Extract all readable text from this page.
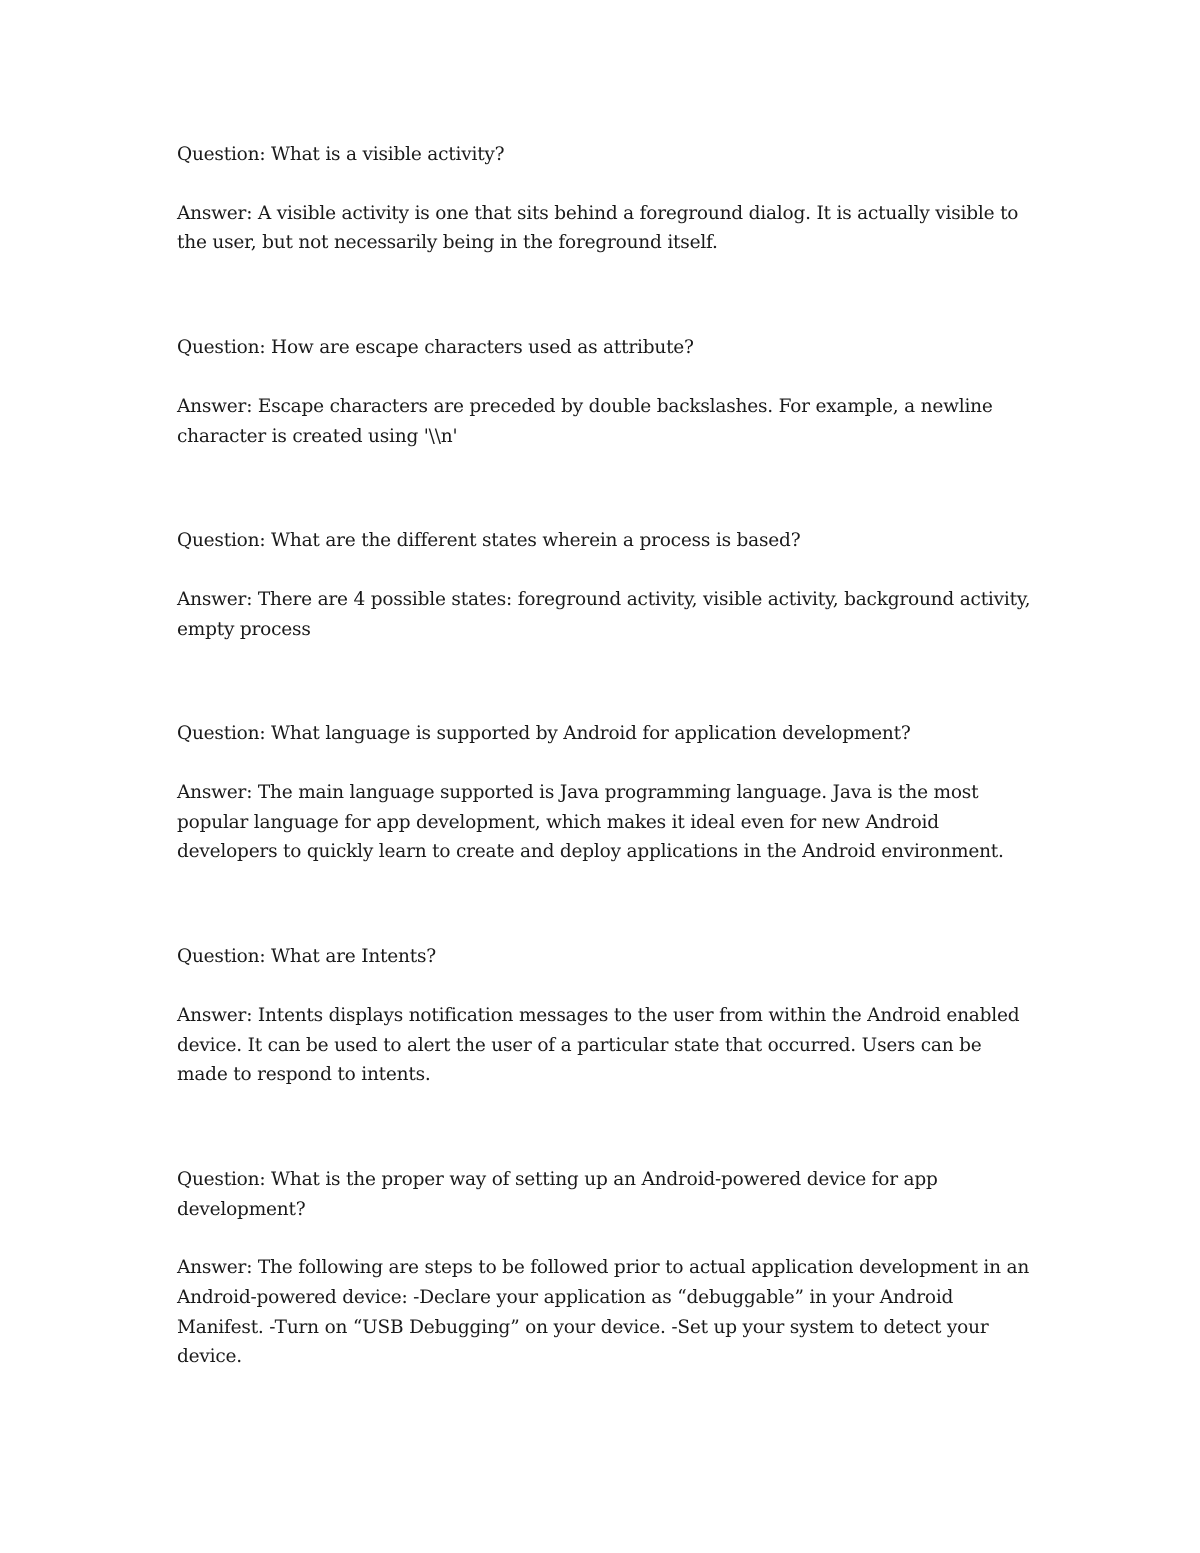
Question: What is a visible activity?

Answer: A visible activity is one that sits behind a foreground dialog. It is actually visible to the user, but not necessarily being in the foreground itself.

Question: How are escape characters used as attribute?

Answer: Escape characters are preceded by double backslashes. For example, a newline character is created using '\\n'

Question: What are the different states wherein a process is based?

Answer: There are 4 possible states: foreground activity, visible activity, background activity, empty process

Question: What language is supported by Android for application development?

Answer: The main language supported is Java programming language. Java is the most popular language for app development, which makes it ideal even for new Android developers to quickly learn to create and deploy applications in the Android environment.

Question: What are Intents?

Answer: Intents displays notification messages to the user from within the Android enabled device. It can be used to alert the user of a particular state that occurred. Users can be made to respond to intents.

Question: What is the proper way of setting up an Android-powered device for app development?

Answer: The following are steps to be followed prior to actual application development in an Android-powered device: -Declare your application as “debuggable” in your Android Manifest. -Turn on “USB Debugging” on your device. -Set up your system to detect your device.
